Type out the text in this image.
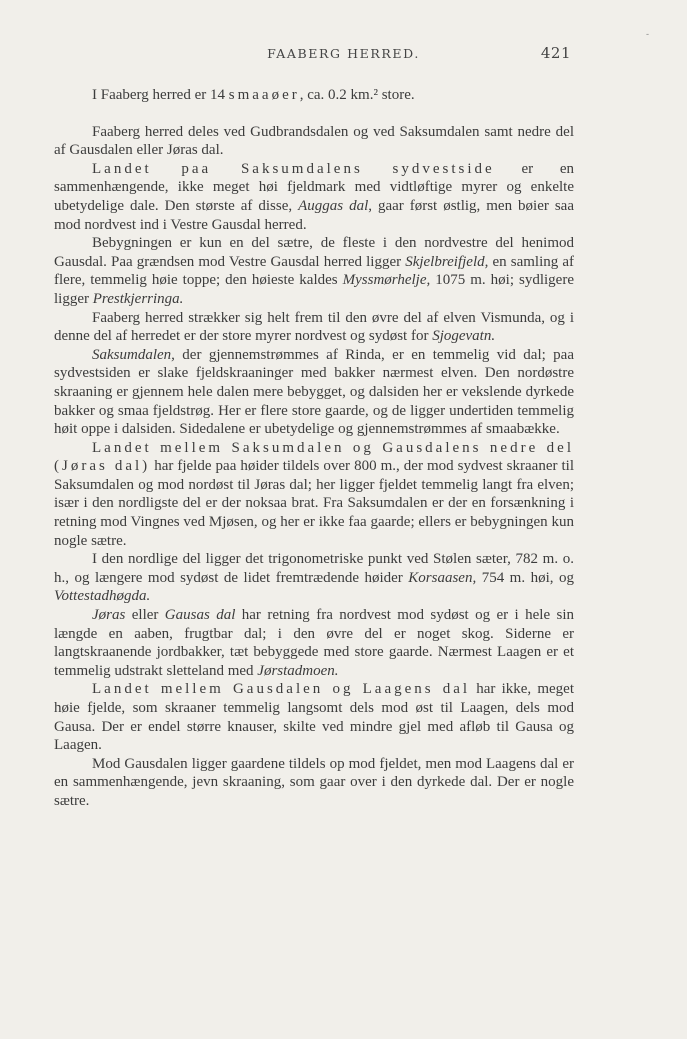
-
FAABERG HERRED.	421

I Faaberg herred er 14 smaaøer, ca. 0.2 km.² store.

Faaberg herred deles ved Gudbrandsdalen og ved Saksumdalen samt nedre del af Gausdalen eller Jøras dal.

Landet paa Saksumdalens sydvestside er en sammenhængende, ikke meget høi fjeldmark med vidtløftige myrer og enkelte ubetydelige dale. Den største af disse, Auggas dal, gaar først østlig, men bøier saa mod nordvest ind i Vestre Gausdal herred.

Bebygningen er kun en del sætre, de fleste i den nordvestre del henimod Gausdal. Paa grændsen mod Vestre Gausdal herred ligger Skjelbreifjeld, en samling af flere, temmelig høie toppe; den høieste kaldes Myssmørhelje, 1075 m. høi; sydligere ligger Prestkjerringa.

Faaberg herred strækker sig helt frem til den øvre del af elven Vismunda, og i denne del af herredet er der store myrer nordvest og sydøst for Sjogevatn.

Saksumdalen, der gjennemstrømmes af Rinda, er en temmelig vid dal; paa sydvestsiden er slake fjeldskraaninger med bakker nærmest elven. Den nordøstre skraaning er gjennem hele dalen mere bebygget, og dalsiden her er vekslende dyrkede bakker og smaa fjeldstrøg. Her er flere store gaarde, og de ligger undertiden temmelig høit oppe i dalsiden. Sidedalene er ubetydelige og gjennemstrømmes af smaabække.

Landet mellem Saksumdalen og Gausdalens nedre del (Jøras dal) har fjelde paa høider tildels over 800 m., der mod sydvest skraaner til Saksumdalen og mod nordøst til Jøras dal; her ligger fjeldet temmelig langt fra elven; især i den nordligste del er der noksaa brat. Fra Saksumdalen er der en forsænkning i retning mod Vingnes ved Mjøsen, og her er ikke faa gaarde; ellers er bebygningen kun nogle sætre.

I den nordlige del ligger det trigonometriske punkt ved Stølen sæter, 782 m. o. h., og længere mod sydøst de lidet fremtrædende høider Korsaasen, 754 m. høi, og Vottestadhøgda.

Jøras eller Gausas dal har retning fra nordvest mod sydøst og er i hele sin længde en aaben, frugtbar dal; i den øvre del er noget skog. Siderne er langtskraanende jordbakker, tæt bebyggede med store gaarde. Nærmest Laagen er et temmelig udstrakt sletteland med Jørstadmoen.

Landet mellem Gausdalen og Laagens dal har ikke, meget høie fjelde, som skraaner temmelig langsomt dels mod øst til Laagen, dels mod Gausa. Der er endel større knauser, skilte ved mindre gjel med afløb til Gausa og Laagen.

Mod Gausdalen ligger gaardene tildels op mod fjeldet, men mod Laagens dal er en sammenhængende, jevn skraaning, som gaar over i den dyrkede dal. Der er nogle sætre.
